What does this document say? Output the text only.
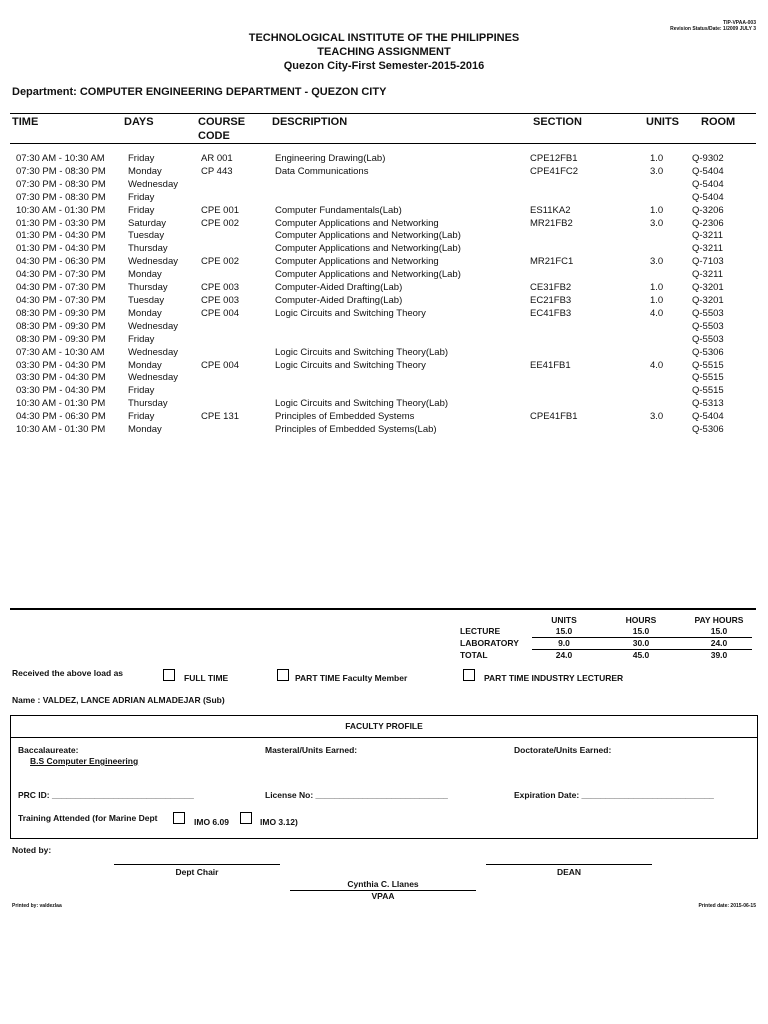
TIP-VPAA-003
Revision Status/Date: 1/2009 JULY 3
TECHNOLOGICAL INSTITUTE OF THE PHILIPPINES
TEACHING ASSIGNMENT
Quezon City-First Semester-2015-2016
Department: COMPUTER ENGINEERING DEPARTMENT - QUEZON CITY
TIME	DAYS	COURSE
CODE
DESCRIPTION	SECTION	UNITS ROOM
07:30 AM - 10:30 AM	Friday	AR 001	Engineering Drawing(Lab)	CPE12FB1	1.0	Q-9302
07:30 PM - 08:30 PM	Monday	CP 443	Data Communications	CPE41FC2	3.0	Q-5404
07:30 PM - 08:30 PM	Wednesday					Q-5404
07:30 PM - 08:30 PM	Friday					Q-5404
10:30 AM - 01:30 PM	Friday	CPE 001	Computer Fundamentals(Lab)	ES11KA2	1.0	Q-3206
01:30 PM - 03:30 PM	Saturday	CPE 002	Computer Applications and Networking	MR21FB2	3.0	Q-2306
01:30 PM - 04:30 PM	Tuesday		Computer Applications and Networking(Lab)			Q-3211
01:30 PM - 04:30 PM	Thursday		Computer Applications and Networking(Lab)			Q-3211
04:30 PM - 06:30 PM	Wednesday	CPE 002	Computer Applications and Networking	MR21FC1	3.0	Q-7103
04:30 PM - 07:30 PM	Monday		Computer Applications and Networking(Lab)			Q-3211
04:30 PM - 07:30 PM	Thursday	CPE 003	Computer-Aided Drafting(Lab)	CE31FB2	1.0	Q-3201
04:30 PM - 07:30 PM	Tuesday	CPE 003	Computer-Aided Drafting(Lab)	EC21FB3	1.0	Q-3201
08:30 PM - 09:30 PM	Monday	CPE 004	Logic Circuits and Switching Theory	EC41FB3	4.0	Q-5503
08:30 PM - 09:30 PM	Wednesday					Q-5503
08:30 PM - 09:30 PM	Friday					Q-5503
07:30 AM - 10:30 AM	Wednesday		Logic Circuits and Switching Theory(Lab)			Q-5306
03:30 PM - 04:30 PM	Monday	CPE 004	Logic Circuits and Switching Theory	EE41FB1	4.0	Q-5515
03:30 PM - 04:30 PM	Wednesday					Q-5515
03:30 PM - 04:30 PM	Friday					Q-5515
10:30 AM - 01:30 PM	Thursday		Logic Circuits and Switching Theory(Lab)			Q-5313
04:30 PM - 06:30 PM	Friday	CPE 131	Principles of Embedded Systems	CPE41FB1	3.0	Q-5404
10:30 AM - 01:30 PM	Monday		Principles of Embedded Systems(Lab)			Q-5306
	UNITS	HOURS	PAY HOURS
LECTURE	15.0	15.0	15.0
LABORATORY	9.0	30.0	24.0
TOTAL	24.0	45.0	39.0
Received the above load as	FULL TIME	PART TIME Faculty Member	PART TIME INDUSTRY LECTURER
Name : VALDEZ, LANCE ADRIAN ALMADEJAR (Sub)
FACULTY PROFILE
Baccalaureate:
B.S Computer Engineering
Masteral/Units Earned:	Doctorate/Units Earned:
PRC ID: ______________________________	License No: ____________________________	Expiration Date: ____________________________
Training Attended (for Marine Dept	IMO 6.09	IMO 3.12)
Noted by:
Dept Chair	DEAN
Cynthia C. Llanes
VPAA
Printed by: valdezlaa	Printed date: 2015-06-15
